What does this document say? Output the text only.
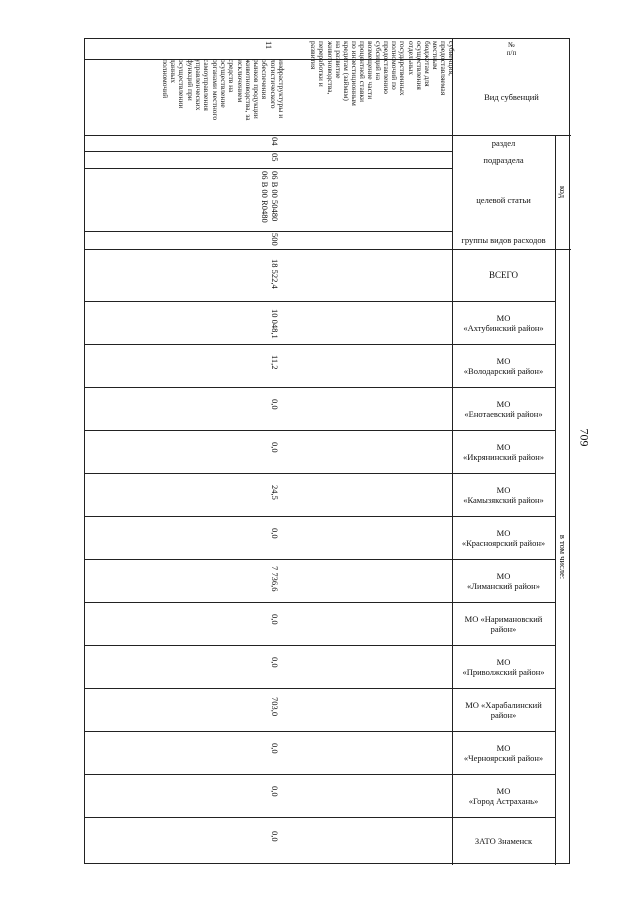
709
№
п/п
Вид субвенций
раздел
подраздела
целевой статьи
группы видов расходов
код
ВСЕГО
в том числе:
МО
«Ахтубинский район»
МО
«Володарский район»
МО
«Енотаевский район»
МО
«Икрянинский район»
МО
«Камызякский район»
МО
«Красноярский район»
МО
«Лиманский район»
МО «Наримановский
район»
МО
«Приволжский район»
МО «Харабалинский
район»
МО
«Черноярский район»
МО
«Город Астрахань»
ЗАТО Знаменск
11	субвенция,
предоставляемая
местным
бюджетам для
осуществления
отдельных
государственных
полномочий по
предоставлению
субсидий на
возмещение части
процентной ставки
по инвестиционным
кредитам (займам)
на развитие
животноводства,
переработки и
развития
инфраструктуры и
логистического
обеспечения
рынков продукции
животноводства, за
исключением
средств на
осуществление
органами местного
самоуправления
управленческих
функций при
осуществлении
данных
полномочий
04
05
06 В 00 50480
06 В 00 R0480
500
18 522,4
10 048,1
11,2
0,0
0,0
24,5
0,0
7 736,6
0,0
0,0
703,0
0,0
0,0
0,0
